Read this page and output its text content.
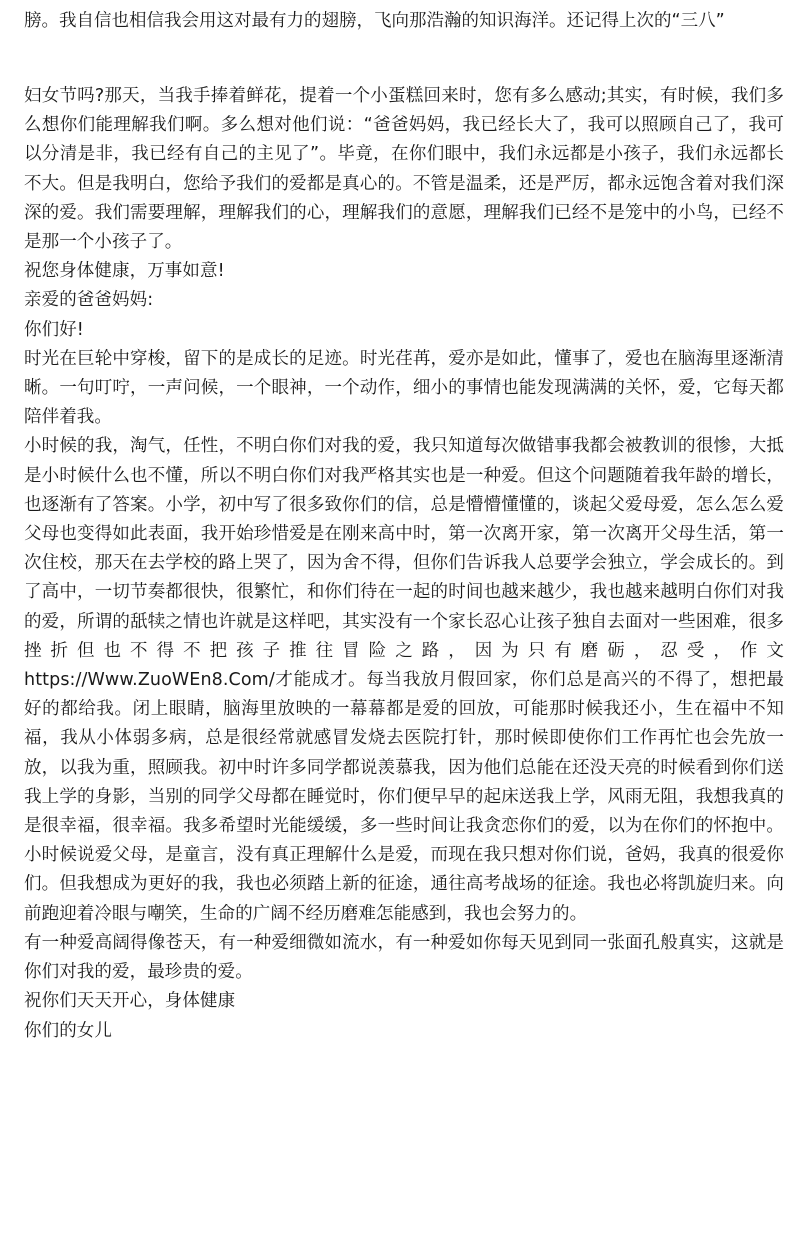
膀。我自信也相信我会用这对最有力的翅膀，飞向那浩瀚的知识海洋。还记得上次的“三八”

妇女节吗?那天，当我手捧着鲜花，提着一个小蛋糕回来时，您有多么感动;其实，有时候，我们多么想你们能理解我们啊。多么想对他们说：“爸爸妈妈，我已经长大了，我可以照顾自己了，我可以分清是非，我已经有自己的主见了”。毕竟，在你们眼中，我们永远都是小孩子，我们永远都长不大。但是我明白，您给予我们的爱都是真心的。不管是温柔，还是严厉，都永远饱含着对我们深深的爱。我们需要理解，理解我们的心，理解我们的意愿，理解我们已经不是笼中的小鸟，已经不是那一个小孩子了。

祝您身体健康，万事如意!

亲爱的爸爸妈妈:

你们好!

时光在巨轮中穿梭，留下的是成长的足迹。时光荏苒，爱亦是如此，懂事了，爱也在脑海里逐渐清晰。一句叮咛，一声问候，一个眼神，一个动作，细小的事情也能发现满满的关怀，爱，它每天都陪伴着我。

小时候的我，淘气，任性，不明白你们对我的爱，我只知道每次做错事我都会被教训的很惨，大抵是小时候什么也不懂，所以不明白你们对我严格其实也是一种爱。但这个问题随着我年龄的增长，也逐渐有了答案。小学，初中写了很多致你们的信，总是懵懵懂懂的，谈起父爱母爱，怎么怎么爱父母也变得如此表面，我开始珍惜爱是在刚来高中时，第一次离开家，第一次离开父母生活，第一次住校，那天在去学校的路上哭了，因为舍不得，但你们告诉我人总要学会独立，学会成长的。到了高中，一切节奏都很快，很繁忙，和你们待在一起的时间也越来越少，我也越来越明白你们对我的爱，所谓的舐犊之情也许就是这样吧，其实没有一个家长忍心让孩子独自去面对一些困难，很多挫折但也不得不把孩子推往冒险之路，因为只有磨砺，忍受，作文 https://Www.ZuoWEn8.Com/才能成才。每当我放月假回家，你们总是高兴的不得了，想把最好的都给我。闭上眼睛，脑海里放映的一幕幕都是爱的回放，可能那时候我还小，生在福中不知福，我从小体弱多病，总是很经常就感冒发烧去医院打针，那时候即使你们工作再忙也会先放一放，以我为重，照顾我。初中时许多同学都说羡慕我，因为他们总能在还没天亮的时候看到你们送我上学的身影，当别的同学父母都在睡觉时，你们便早早的起床送我上学，风雨无阻，我想我真的是很幸福，很幸福。我多希望时光能缓缓，多一些时间让我贪恋你们的爱，以为在你们的怀抱中。小时候说爱父母，是童言，没有真正理解什么是爱，而现在我只想对你们说，爸妈，我真的很爱你们。但我想成为更好的我，我也必须踏上新的征途，通往高考战场的征途。我也必将凯旋归来。向前跑迎着冷眼与嘲笑，生命的广阔不经历磨难怎能感到，我也会努力的。

有一种爱高阔得像苍天，有一种爱细微如流水，有一种爱如你每天见到同一张面孔般真实，这就是你们对我的爱，最珍贵的爱。

祝你们天天开心，身体健康

你们的女儿
